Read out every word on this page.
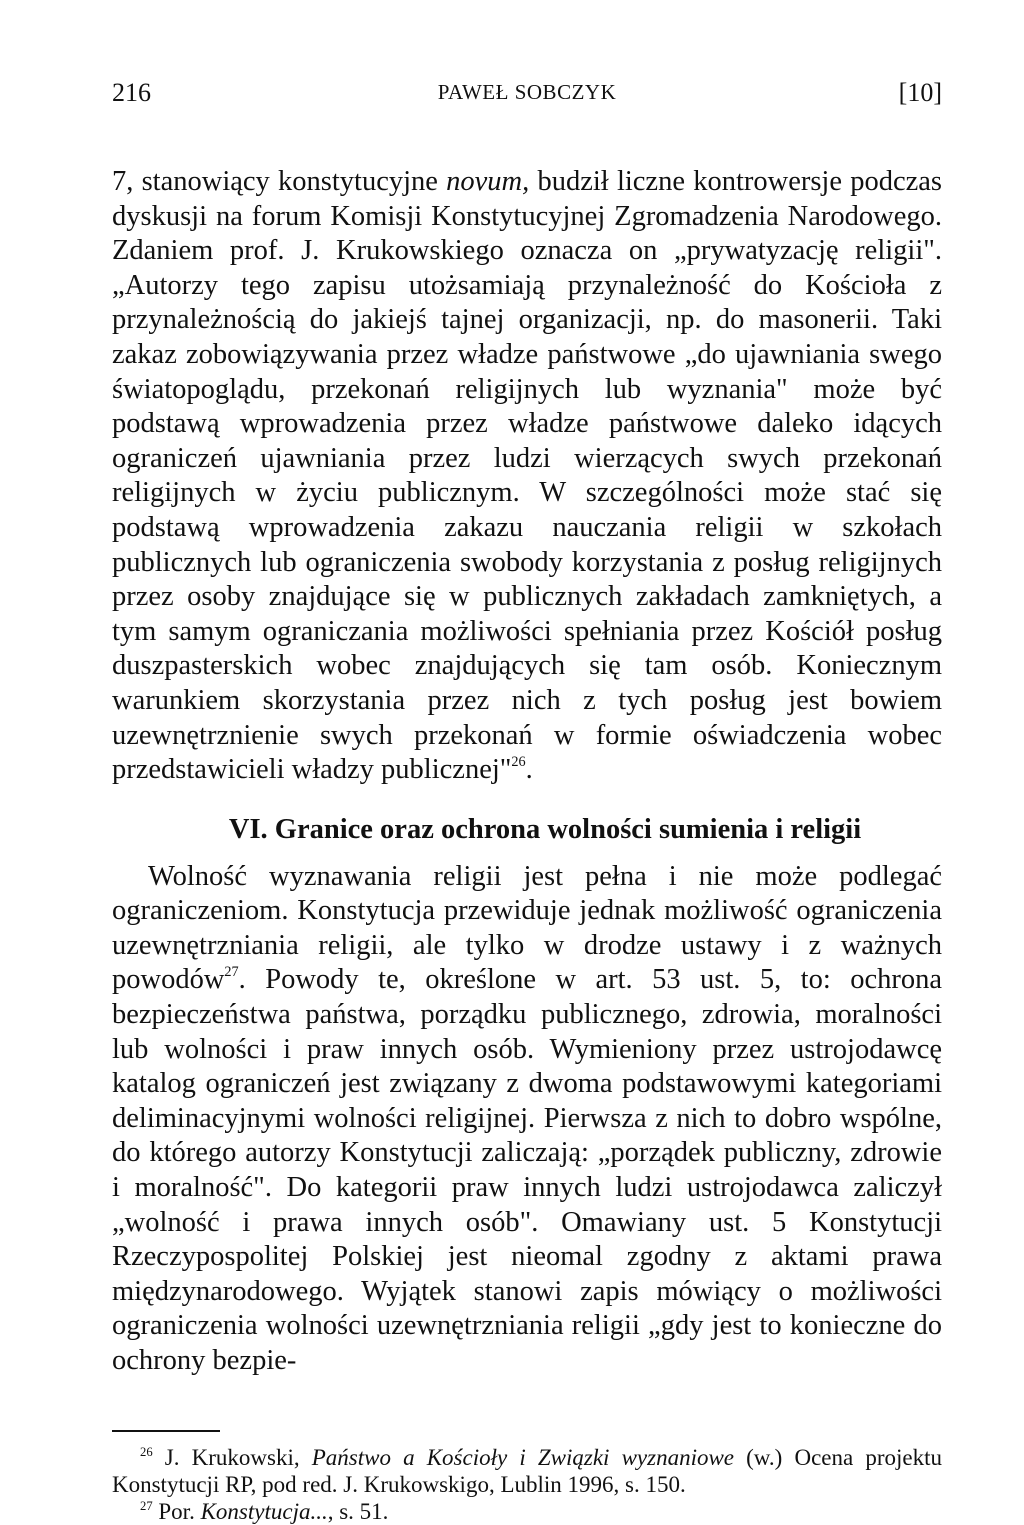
216	PAWEŁ SOBCZYK	[10]

7, stanowiący konstytucyjne novum, budził liczne kontrowersje podczas dyskusji na forum Komisji Konstytucyjnej Zgromadzenia Narodowego. Zdaniem prof. J. Krukowskiego oznacza on „prywatyzację religii". „Autorzy tego zapisu utożsamiają przynależność do Kościoła z przynależnością do jakiejś tajnej organizacji, np. do masonerii. Taki zakaz zobowiązywania przez władze państwowe „do ujawniania swego światopoglądu, przekonań religijnych lub wyznania" może być podstawą wprowadzenia przez władze państwowe daleko idących ograniczeń ujawniania przez ludzi wierzących swych przekonań religijnych w życiu publicznym. W szczególności może stać się podstawą wprowadzenia zakazu nauczania religii w szkołach publicznych lub ograniczenia swobody korzystania z posług religijnych przez osoby znajdujące się w publicznych zakładach zamkniętych, a tym samym ograniczania możliwości spełniania przez Kościół posług duszpasterskich wobec znajdujących się tam osób. Koniecznym warunkiem skorzystania przez nich z tych posług jest bowiem uzewnętrznienie swych przekonań w formie oświadczenia wobec przedstawicieli władzy publicznej"$^{26}$.

VI. Granice oraz ochrona wolności sumienia i religii

Wolność wyznawania religii jest pełna i nie może podlegać ograniczeniom. Konstytucja przewiduje jednak możliwość ograniczenia uzewnętrzniania religii, ale tylko w drodze ustawy i z ważnych powodów$^{27}$. Powody te, określone w art. 53 ust. 5, to: ochrona bezpieczeństwa państwa, porządku publicznego, zdrowia, moralności lub wolności i praw innych osób. Wymieniony przez ustrojodawcę katalog ograniczeń jest związany z dwoma podstawowymi kategoriami deliminacyjnymi wolności religijnej. Pierwsza z nich to dobro wspólne, do którego autorzy Konstytucji zaliczają: „porządek publiczny, zdrowie i moralność". Do kategorii praw innych ludzi ustrojodawca zaliczył „wolność i prawa innych osób". Omawiany ust. 5 Konstytucji Rzeczypospolitej Polskiej jest nieomal zgodny z aktami prawa międzynarodowego. Wyjątek stanowi zapis mówiący o możliwości ograniczenia wolności uzewnętrzniania religii „gdy jest to konieczne do ochrony bezpie-

$^{26}$ J. Krukowski, Państwo a Kościoły i Związki wyznaniowe (w.) Ocena projektu Konstytucji RP, pod red. J. Krukowskigo, Lublin 1996, s. 150.

$^{27}$ Por. Konstytucja..., s. 51.
